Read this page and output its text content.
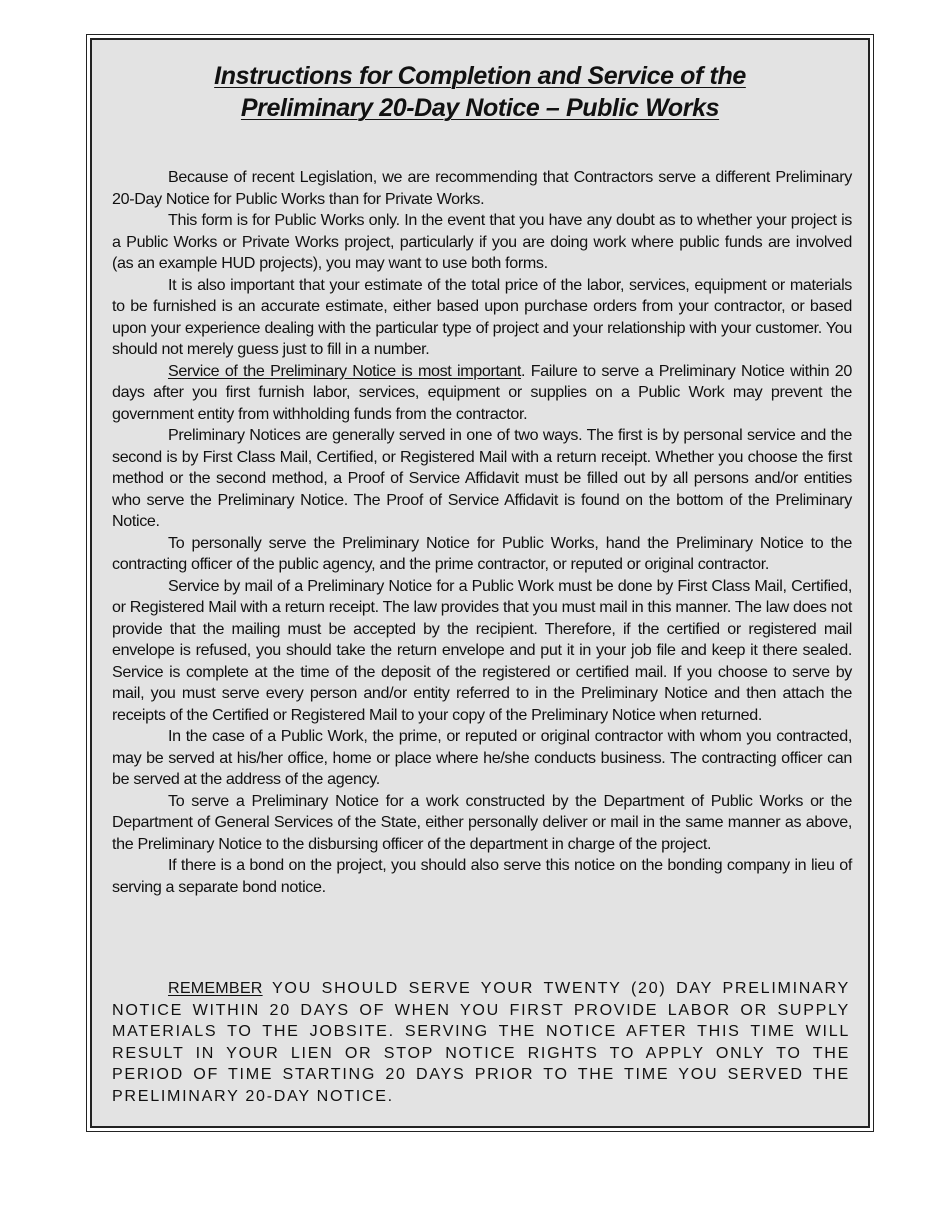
Instructions for Completion and Service of the
Preliminary 20-Day Notice – Public Works

Because of recent Legislation, we are recommending that Contractors serve a different Preliminary 20-Day Notice for Public Works than for Private Works.

This form is for Public Works only. In the event that you have any doubt as to whether your project is a Public Works or Private Works project, particularly if you are doing work where public funds are involved (as an example HUD projects), you may want to use both forms.

It is also important that your estimate of the total price of the labor, services, equipment or materials to be furnished is an accurate estimate, either based upon purchase orders from your contractor, or based upon your experience dealing with the particular type of project and your relationship with your customer. You should not merely guess just to fill in a number.

Service of the Preliminary Notice is most important. Failure to serve a Preliminary Notice within 20 days after you first furnish labor, services, equipment or supplies on a Public Work may prevent the government entity from withholding funds from the contractor.

Preliminary Notices are generally served in one of two ways. The first is by personal service and the second is by First Class Mail, Certified, or Registered Mail with a return receipt. Whether you choose the first method or the second method, a Proof of Service Affidavit must be filled out by all persons and/or entities who serve the Preliminary Notice. The Proof of Service Affidavit is found on the bottom of the Preliminary Notice.

To personally serve the Preliminary Notice for Public Works, hand the Preliminary Notice to the contracting officer of the public agency, and the prime contractor, or reputed or original contractor.

Service by mail of a Preliminary Notice for a Public Work must be done by First Class Mail, Certified, or Registered Mail with a return receipt. The law provides that you must mail in this manner. The law does not provide that the mailing must be accepted by the recipient. Therefore, if the certified or registered mail envelope is refused, you should take the return envelope and put it in your job file and keep it there sealed. Service is complete at the time of the deposit of the registered or certified mail. If you choose to serve by mail, you must serve every person and/or entity referred to in the Preliminary Notice and then attach the receipts of the Certified or Registered Mail to your copy of the Preliminary Notice when returned.

In the case of a Public Work, the prime, or reputed or original contractor with whom you contracted, may be served at his/her office, home or place where he/she conducts business. The contracting officer can be served at the address of the agency.

To serve a Preliminary Notice for a work constructed by the Department of Public Works or the Department of General Services of the State, either personally deliver or mail in the same manner as above, the Preliminary Notice to the disbursing officer of the department in charge of the project.

If there is a bond on the project, you should also serve this notice on the bonding company in lieu of serving a separate bond notice.

REMEMBER YOU SHOULD SERVE YOUR TWENTY (20) DAY PRELIMINARY NOTICE WITHIN 20 DAYS OF WHEN YOU FIRST PROVIDE LABOR OR SUPPLY MATERIALS TO THE JOBSITE. SERVING THE NOTICE AFTER THIS TIME WILL RESULT IN YOUR LIEN OR STOP NOTICE RIGHTS TO APPLY ONLY TO THE PERIOD OF TIME STARTING 20 DAYS PRIOR TO THE TIME YOU SERVED THE PRELIMINARY 20-DAY NOTICE.
